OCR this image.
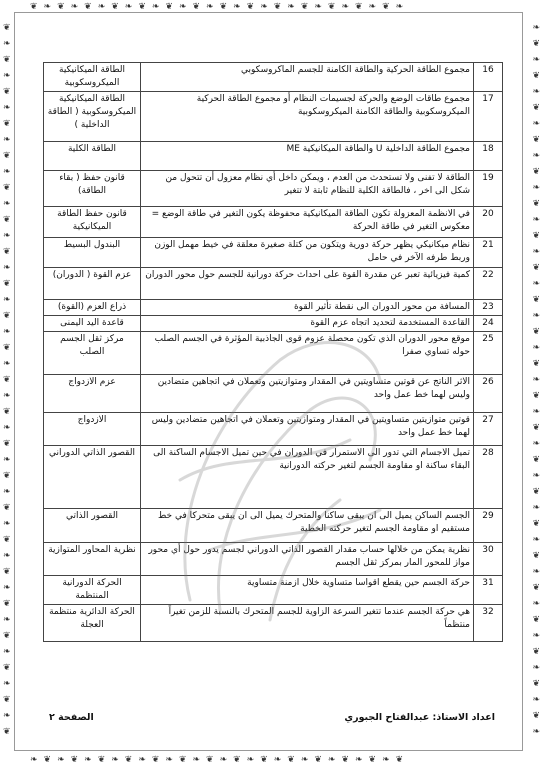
❦
❧
❦
❧
❦
❧
❦
❧
❦
❧
❦
❧
❦
❧
❦
❧
❦
❧
❦
❧
❦
❧
❦
❧
❦
❧
❦
❧
❦
❧
❦
❧
❦
❧
❦
❧
❦
❧
❦
❧
❦
❧
❦
❧
❦
❧
❦
❧
❦
❧
❦
❧
❦
❧
❦
❧
❦
❧
❦
❧
❦
❧
❦
❧
❦
❧
❦
❧
❦
❧
❦
❧
❦
❧
❦
❧
❦
❧
❦
❧
❦
❧
❦
❧
❦
❧
❦
❧
❦
❧
❦❧❦❧❦❧❦❧❦❧❦❧❦❧❦❧❦❧❦❧❦❧❦❧❦❧❦❧
❧❦❧❦❧❦❧❦❧❦❧❦❧❦❧❦❧❦❧❦❧❦❧❦❧❦❧❦
16	مجموع الطاقة الحركية والطاقة الكامنة للجسم الماكروسكوبي	الطاقة الميكانيكية الميكروسكوبية
17	مجموع طاقات الوضع والحركة لجسيمات النظام أو مجموع الطاقة الحركية الميكروسكوبية والطاقة الكامنة الميكروسكوبية	الطاقة الميكانيكية الميكروسكوبية ( الطاقة الداخلية )
18	مجموع الطاقة الداخلية U والطاقة الميكانيكية ME	الطاقة الكلية
19	الطاقة لا تفنى ولا تستحدث من العدم ، ويمكن داخل أي نظام معزول أن تتحول من شكل الى اخر ، فالطاقة الكلية للنظام ثابتة لا تتغير	قانون حفظ ( بقاء الطاقة)
20	في الانظمة المعزولة تكون الطاقة الميكانيكية محفوظة يكون التغير في طاقة الوضع = معكوس التغير في طاقة الحركة	قانون حفظ الطاقة الميكانيكية
21	نظام ميكانيكي يظهر حركة دورية ويتكون من كتلة صغيرة معلقة في خيط مهمل الوزن وربط طرفه الآخر في حامل	البندول البسيط
22	كمية فيزيائية تعبر عن مقدرة القوة على احداث حركة دورانية للجسم حول محور الدوران	عزم القوة ( الدوران)
23	المسافة من محور الدوران الى نقطة تأثير القوة	ذراع العزم (القوة)
24	القاعدة المستخدمة لتحديد اتجاه عزم القوة	قاعدة اليد اليمنى
25	موقع محور الدوران الذي تكون محصلة عزوم قوى الجاذبية المؤثرة في الجسم الصلب حوله تساوي صفرا	مركز ثقل الجسم الصلب
26	الاثر الناتج عن قوتين متساويتين في المقدار ومتوازيتين وتعملان في اتجاهين متضادين وليس لهما خط عمل واحد	عزم الازدواج
27	قوتين متوازيتين متساويتين في المقدار ومتوازيتين وتعملان في اتجاهين متضادين وليس لهما خط عمل واحد	الازدواج
28	تميل الاجسام التي تدور الى الاستمرار في الدوران في حين تميل الاجسام الساكنة الى البقاء ساكنة او مقاومة الجسم لتغير حركته الدورانية	القصور الذاتي الدوراني
29	الجسم الساكن يميل الى ان يبقى ساكنا والمتحرك يميل الى ان يبقى متحركا في خط مستقيم او مقاومة الجسم لتغير حركته الخطية	القصور الذاتي
30	نظرية يمكن من خلالها حساب مقدار القصور الذاتي الدوراني لجسم يدور حول أي محور مواز للمحور المار بمركز ثقل الجسم	نظرية المحاور المتوازية
31	حركة الجسم حين يقطع اقواسا متساوية خلال ازمنة متساوية	الحركة الدورانية المنتظمة
32	هي حركة الجسم عندما تتغير السرعة الزاوية للجسم المتحرك بالنسبة للزمن تغيراً منتظماً	الحركة الدائرية منتظمة العجلة
اعداد الاستاذ: عبدالفتاح الجبوري
الصفحة ٢
